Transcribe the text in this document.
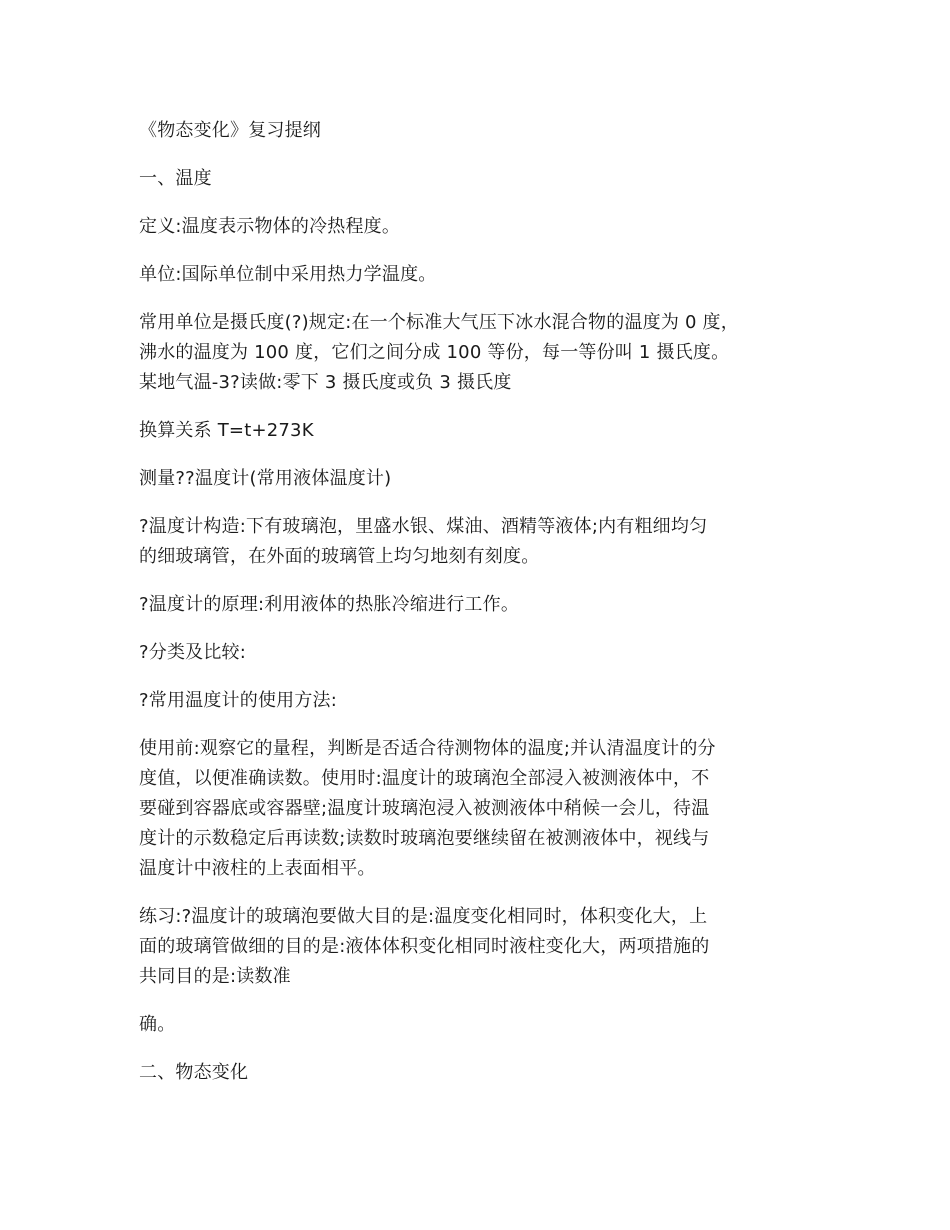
《物态变化》复习提纲

一、温度

定义:温度表示物体的冷热程度。

单位:国际单位制中采用热力学温度。

常用单位是摄氏度(?)规定:在一个标准大气压下冰水混合物的温度为 0 度，
沸水的温度为 100 度，它们之间分成 100 等份，每一等份叫 1 摄氏度。
某地气温-3?读做:零下 3 摄氏度或负 3 摄氏度

换算关系 T=t+273K

测量??温度计(常用液体温度计)

?温度计构造:下有玻璃泡，里盛水银、煤油、酒精等液体;内有粗细均匀
的细玻璃管，在外面的玻璃管上均匀地刻有刻度。

?温度计的原理:利用液体的热胀冷缩进行工作。

?分类及比较:

?常用温度计的使用方法:

使用前:观察它的量程，判断是否适合待测物体的温度;并认清温度计的分
度值，以便准确读数。使用时:温度计的玻璃泡全部浸入被测液体中，不
要碰到容器底或容器壁;温度计玻璃泡浸入被测液体中稍候一会儿，待温
度计的示数稳定后再读数;读数时玻璃泡要继续留在被测液体中，视线与
温度计中液柱的上表面相平。

练习:?温度计的玻璃泡要做大目的是:温度变化相同时，体积变化大，上
面的玻璃管做细的目的是:液体体积变化相同时液柱变化大，两项措施的
共同目的是:读数准

确。

二、物态变化
